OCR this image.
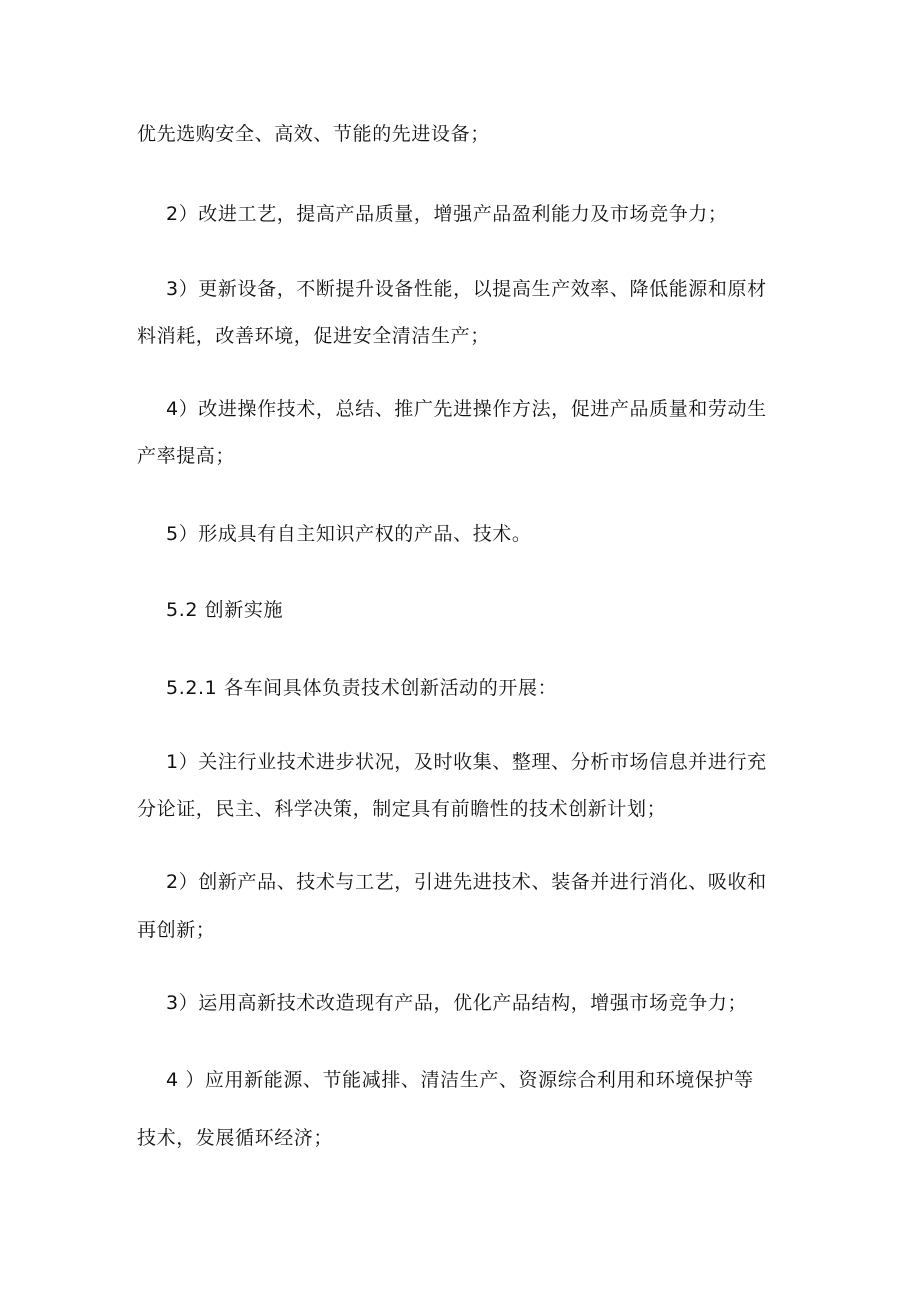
优先选购安全、高效、节能的先进设备；
2）改进工艺，提高产品质量，增强产品盈利能力及市场竞争力；
3）更新设备，不断提升设备性能，以提高生产效率、降低能源和原材
料消耗，改善环境，促进安全清洁生产；
4）改进操作技术，总结、推广先进操作方法，促进产品质量和劳动生
产率提高；
5）形成具有自主知识产权的产品、技术。
5.2 创新实施
5.2.1 各车间具体负责技术创新活动的开展：
1）关注行业技术进步状况，及时收集、整理、分析市场信息并进行充
分论证，民主、科学决策，制定具有前瞻性的技术创新计划；
2）创新产品、技术与工艺，引进先进技术、装备并进行消化、吸收和
再创新；
3）运用高新技术改造现有产品，优化产品结构，增强市场竞争力；
4 ）应用新能源、节能减排、清洁生产、资源综合利用和环境保护等
技术，发展循环经济；
